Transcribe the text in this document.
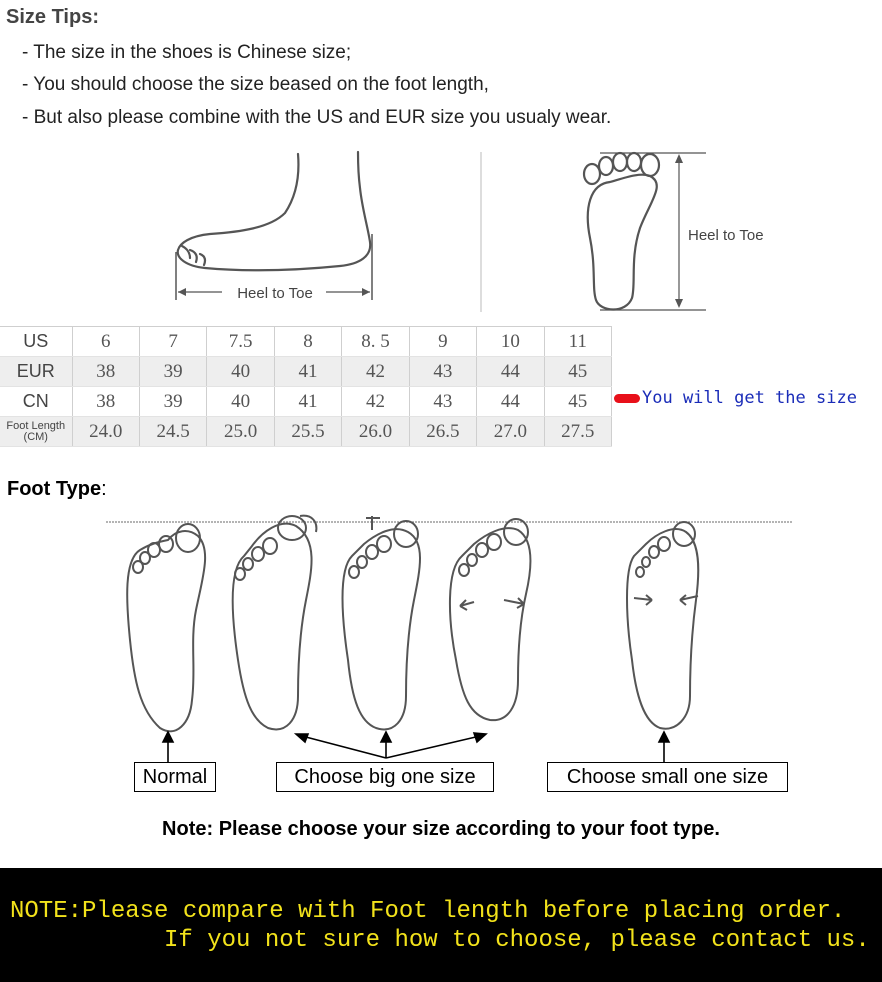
Size Tips:
- The size in the shoes is Chinese size;
- You should choose the size beased on the foot length,
- But also please combine with the US and EUR size you usualy wear.
Heel to Toe
Heel to Toe
US	6	7	7.5	8	8. 5	9	10	11
EUR	38	39	40	41	42	43	44	45
CN	38	39	40	41	42	43	44	45
Foot Length (CM)	24.0	24.5	25.0	25.5	26.0	26.5	27.0	27.5
You will get the size
Foot Type:
Normal	Choose big one size	Choose small one size
Note: Please choose your size according to your foot type.
NOTE:Please compare with Foot length before placing order.
If you not sure how to choose, please contact us.
